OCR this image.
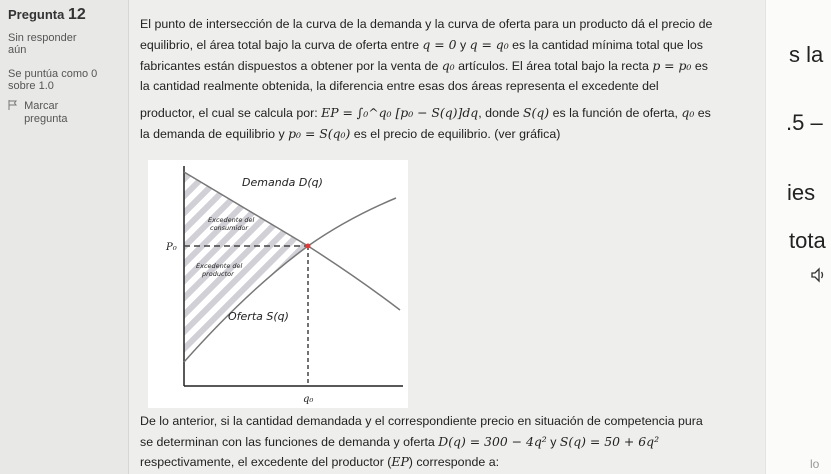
Pregunta 12
Sin responder aún
Se puntúa como 0 sobre 1.0
Marcar pregunta

El punto de intersección de la curva de la demanda y la curva de oferta para un producto dá el precio de

equilibrio, el área total bajo la curva de oferta entre q = 0 y q = q₀ es la cantidad mínima total que los

fabricantes están dispuestos a obtener por la venta de q₀ artículos. El área total bajo la recta p = p₀ es

la cantidad realmente obtenida, la diferencia entre esas dos áreas representa el excedente del

productor, el cual se calcula por: EP = ∫₀^q₀ [p₀ − S(q)]dq, donde S(q) es la función de oferta, q₀ es

la demanda de equilibrio y p₀ = S(q₀) es el precio de equilibrio. (ver gráfica)

Demanda D(q)
Excedente del
consumidor
Excedente del
productor
Oferta S(q)
P₀
q₀

De lo anterior, si la cantidad demandada y el correspondiente precio en situación de competencia pura

se determinan con las funciones de demanda y oferta D(q) = 300 − 4q² y S(q) = 50 + 6q²

respectivamente, el excedente del productor (EP) corresponde a:

s la
.5 –
ies
tota
lo
